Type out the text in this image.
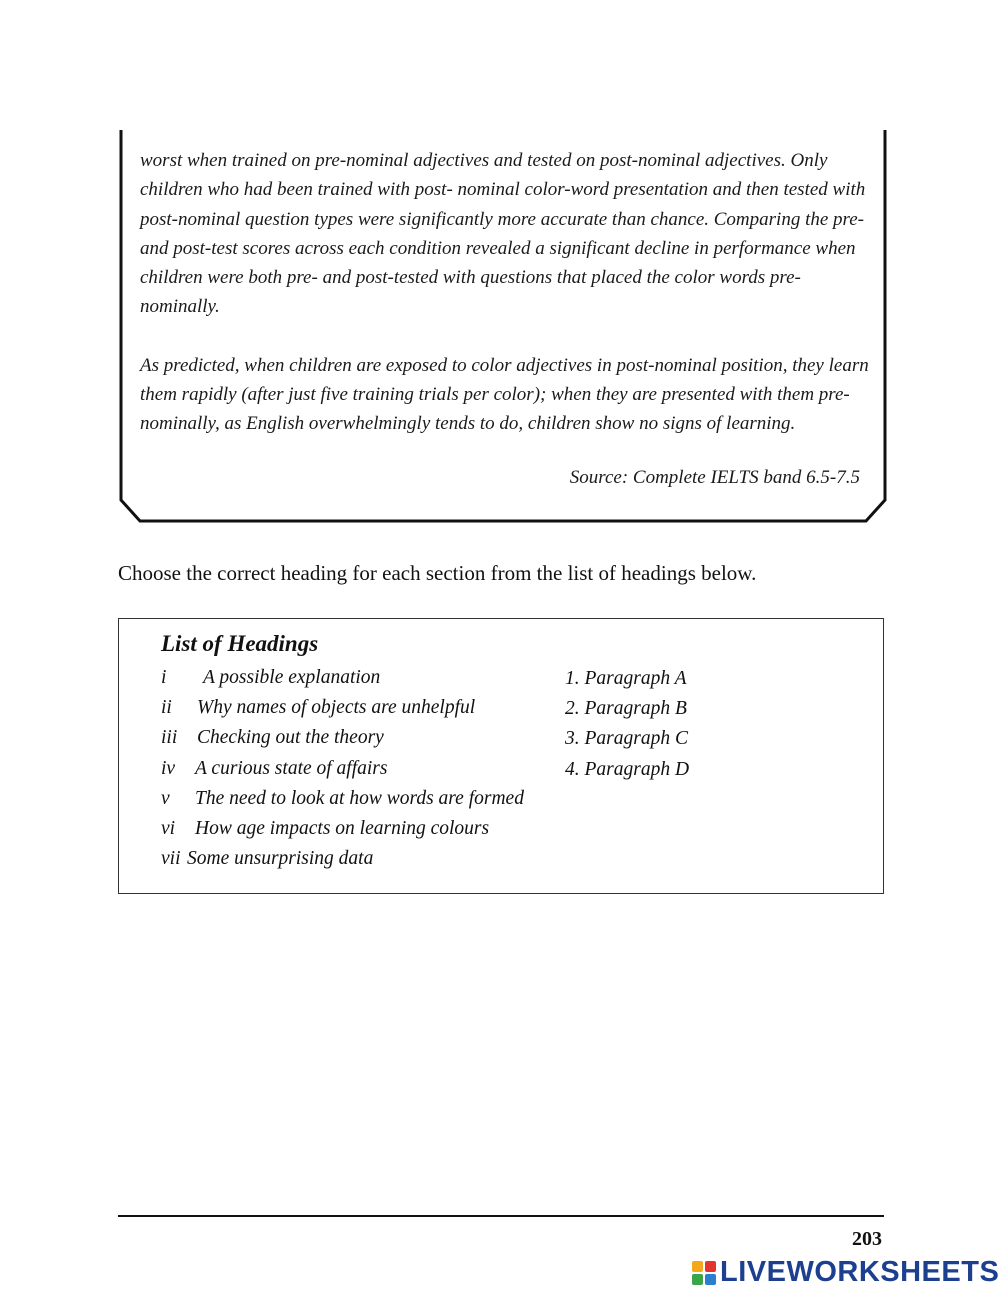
worst when trained on pre-nominal adjectives and tested on post-nominal adjectives. Only children who had been trained with post- nominal color-word presentation and then tested with post-nominal question types were significantly more accurate than chance. Comparing the pre- and post-test scores across each condition revealed a significant decline in performance when children were both pre- and post-tested with questions that placed the color words pre-nominally.

As predicted, when children are exposed to color adjectives in post-nominal position, they learn them rapidly (after just five training trials per color); when they are presented with them pre-nominally, as English overwhelmingly tends to do, children show no signs of learning.

Source: Complete IELTS band 6.5-7.5
Choose the correct heading for each section from the list of headings below.
List of Headings
i	A possible explanation
ii	Why names of objects are unhelpful
iii	Checking out the theory
iv	A curious state of affairs
v	The need to look at how words are formed
vi	How age impacts on learning colours
vii Some unsurprising data
1. Paragraph A
2. Paragraph B
3. Paragraph C
4. Paragraph D
203
LIVEWORKSHEETS
